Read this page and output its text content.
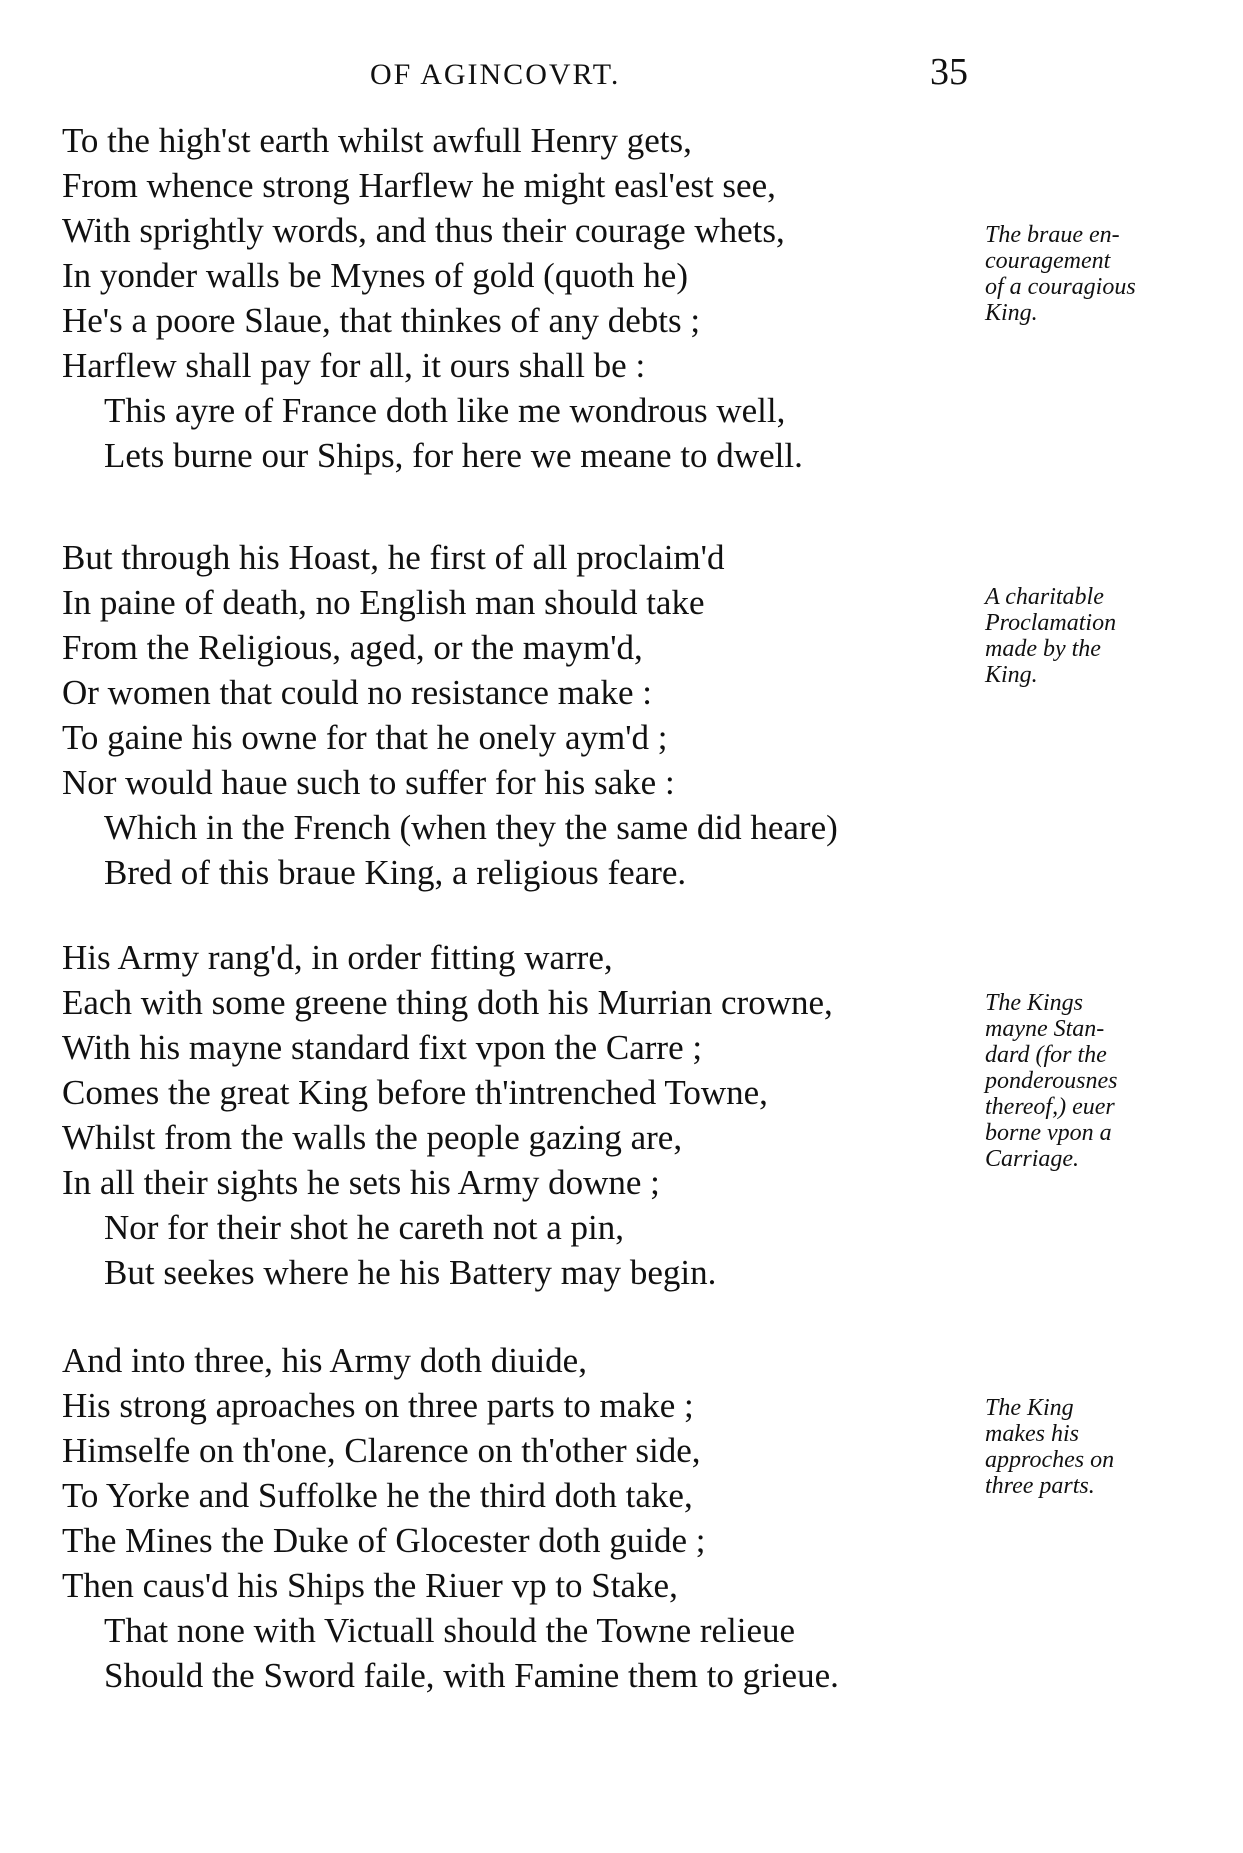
OF AGINCOVRT.	35
To the high'st earth whilst awfull Henry gets,
From whence strong Harflew he might easl'est see,
With sprightly words, and thus their courage whets,
In yonder walls be Mynes of gold (quoth he)
He's a poore Slaue, that thinkes of any debts ;
Harflew shall pay for all, it ours shall be :
This ayre of France doth like me wondrous well,
Lets burne our Ships, for here we meane to dwell.
The braue en-
couragement
of a couragious
King.
But through his Hoast, he first of all proclaim'd
In paine of death, no English man should take
From the Religious, aged, or the maym'd,
Or women that could no resistance make :
To gaine his owne for that he onely aym'd ;
Nor would haue such to suffer for his sake :
Which in the French (when they the same did heare)
Bred of this braue King, a religious feare.
A charitable
Proclamation
made by the
King.
His Army rang'd, in order fitting warre,
Each with some greene thing doth his Murrian crowne,
With his mayne standard fixt vpon the Carre ;
Comes the great King before th'intrenched Towne,
Whilst from the walls the people gazing are,
In all their sights he sets his Army downe ;
Nor for their shot he careth not a pin,
But seekes where he his Battery may begin.
The Kings
mayne Stan-
dard (for the
ponderousnes
thereof,) euer
borne vpon a
Carriage.
And into three, his Army doth diuide,
His strong aproaches on three parts to make ;
Himselfe on th'one, Clarence on th'other side,
To Yorke and Suffolke he the third doth take,
The Mines the Duke of Glocester doth guide ;
Then caus'd his Ships the Riuer vp to Stake,
That none with Victuall should the Towne relieue
Should the Sword faile, with Famine them to grieue.
The King
makes his
approches on
three parts.
